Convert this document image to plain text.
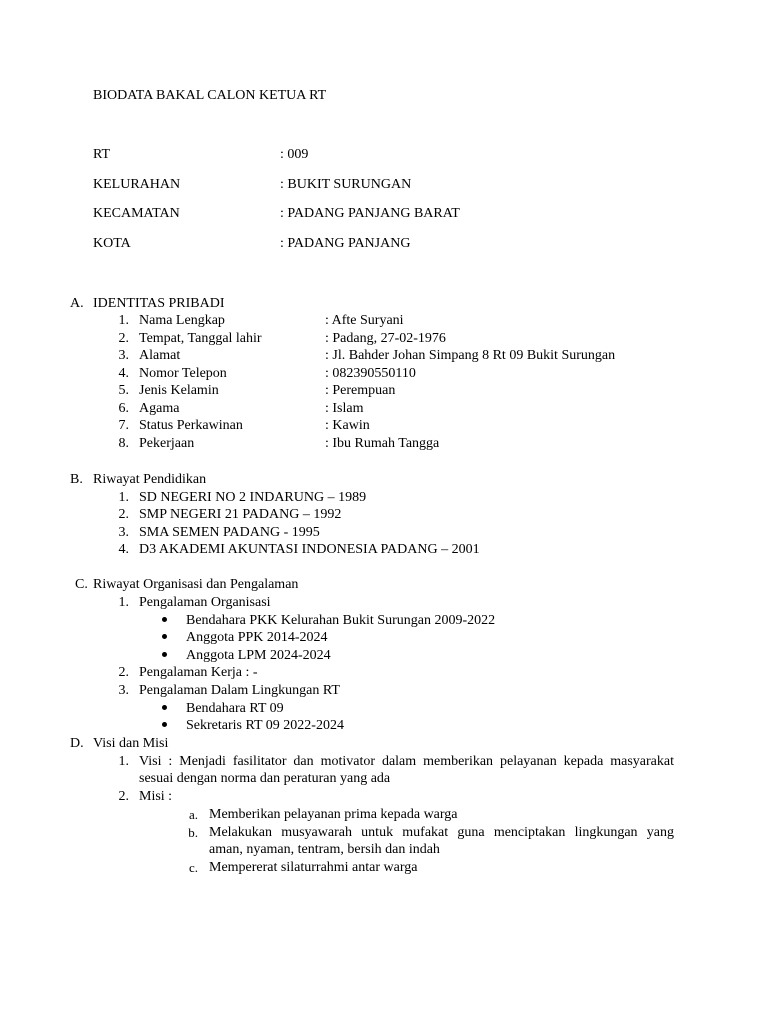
BIODATA BAKAL CALON KETUA RT
RT	: 009
KELURAHAN	: BUKIT SURUNGAN
KECAMATAN	: PADANG PANJANG BARAT
KOTA	: PADANG PANJANG
A. IDENTITAS PRIBADI
1. Nama Lengkap	: Afte Suryani
2. Tempat, Tanggal lahir	: Padang, 27-02-1976
3. Alamat	: Jl. Bahder Johan Simpang 8 Rt 09 Bukit Surungan
4. Nomor Telepon	: 082390550110
5. Jenis Kelamin	: Perempuan
6. Agama	: Islam
7. Status Perkawinan	: Kawin
8. Pekerjaan	: Ibu Rumah Tangga
B. Riwayat Pendidikan
1. SD NEGERI NO 2 INDARUNG – 1989
2. SMP NEGERI 21 PADANG – 1992
3. SMA SEMEN PADANG - 1995
4. D3 AKADEMI AKUNTASI INDONESIA PADANG – 2001
C. Riwayat Organisasi dan Pengalaman
1. Pengalaman Organisasi
Bendahara PKK Kelurahan Bukit Surungan 2009-2022
Anggota PPK 2014-2024
Anggota LPM 2024-2024
2. Pengalaman Kerja : -
3. Pengalaman Dalam Lingkungan RT
Bendahara RT 09
Sekretaris RT 09 2022-2024
D. Visi dan Misi
1. Visi : Menjadi fasilitator dan motivator dalam memberikan pelayanan kepada masyarakat
sesuai dengan norma dan peraturan yang ada
2. Misi :
a. Memberikan pelayanan prima kepada warga
b. Melakukan musyawarah untuk mufakat guna menciptakan lingkungan yang
aman, nyaman, tentram, bersih dan indah
c. Mempererat silaturrahmi antar warga
